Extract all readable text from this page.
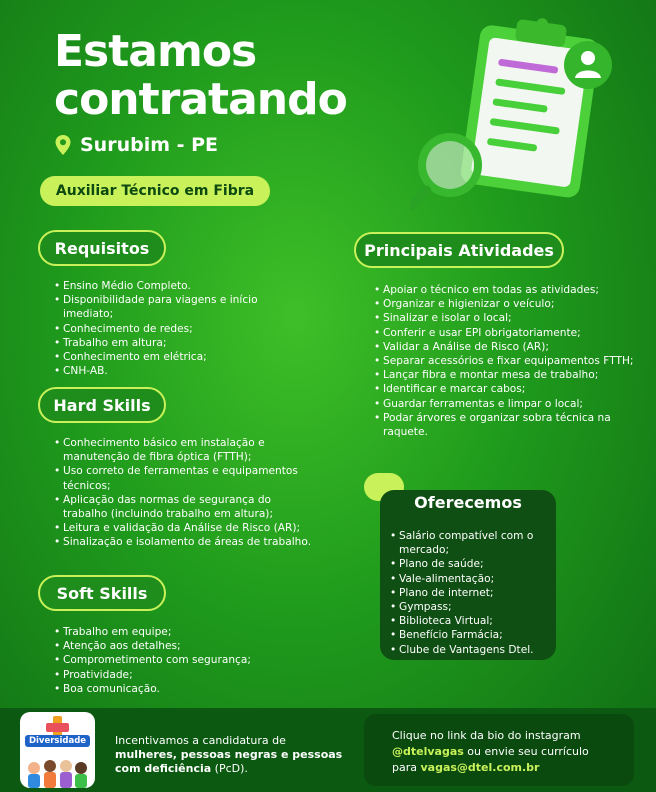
Estamos
contratando
Surubim - PE
Auxiliar Técnico em Fibra
Requisitos
• Ensino Médio Completo.
• Disponibilidade para viagens e início imediato;
• Conhecimento de redes;
• Trabalho em altura;
• Conhecimento em elétrica;
• CNH-AB.
Hard Skills
• Conhecimento básico em instalação e manutenção de fibra óptica (FTTH);
• Uso correto de ferramentas e equipamentos técnicos;
• Aplicação das normas de segurança do trabalho (incluindo trabalho em altura);
• Leitura e validação da Análise de Risco (AR);
• Sinalização e isolamento de áreas de trabalho.
Soft Skills
• Trabalho em equipe;
• Atenção aos detalhes;
• Comprometimento com segurança;
• Proatividade;
• Boa comunicação.
Principais Atividades
• Apoiar o técnico em todas as atividades;
• Organizar e higienizar o veículo;
• Sinalizar e isolar o local;
• Conferir e usar EPI obrigatoriamente;
• Validar a Análise de Risco (AR);
• Separar acessórios e fixar equipamentos FTTH;
• Lançar fibra e montar mesa de trabalho;
• Identificar e marcar cabos;
• Guardar ferramentas e limpar o local;
• Podar árvores e organizar sobra técnica na raquete.
Oferecemos
• Salário compatível com o mercado;
• Plano de saúde;
• Vale-alimentação;
• Plano de internet;
• Gympass;
• Biblioteca Virtual;
• Benefício Farmácia;
• Clube de Vantagens Dtel.
Diversidade	Incentivamos a candidatura de
mulheres, pessoas negras e pessoas com deficiência (PcD).
Clique no link da bio do instagram
@dtelvagas ou envie seu currículo
para vagas@dtel.com.br
